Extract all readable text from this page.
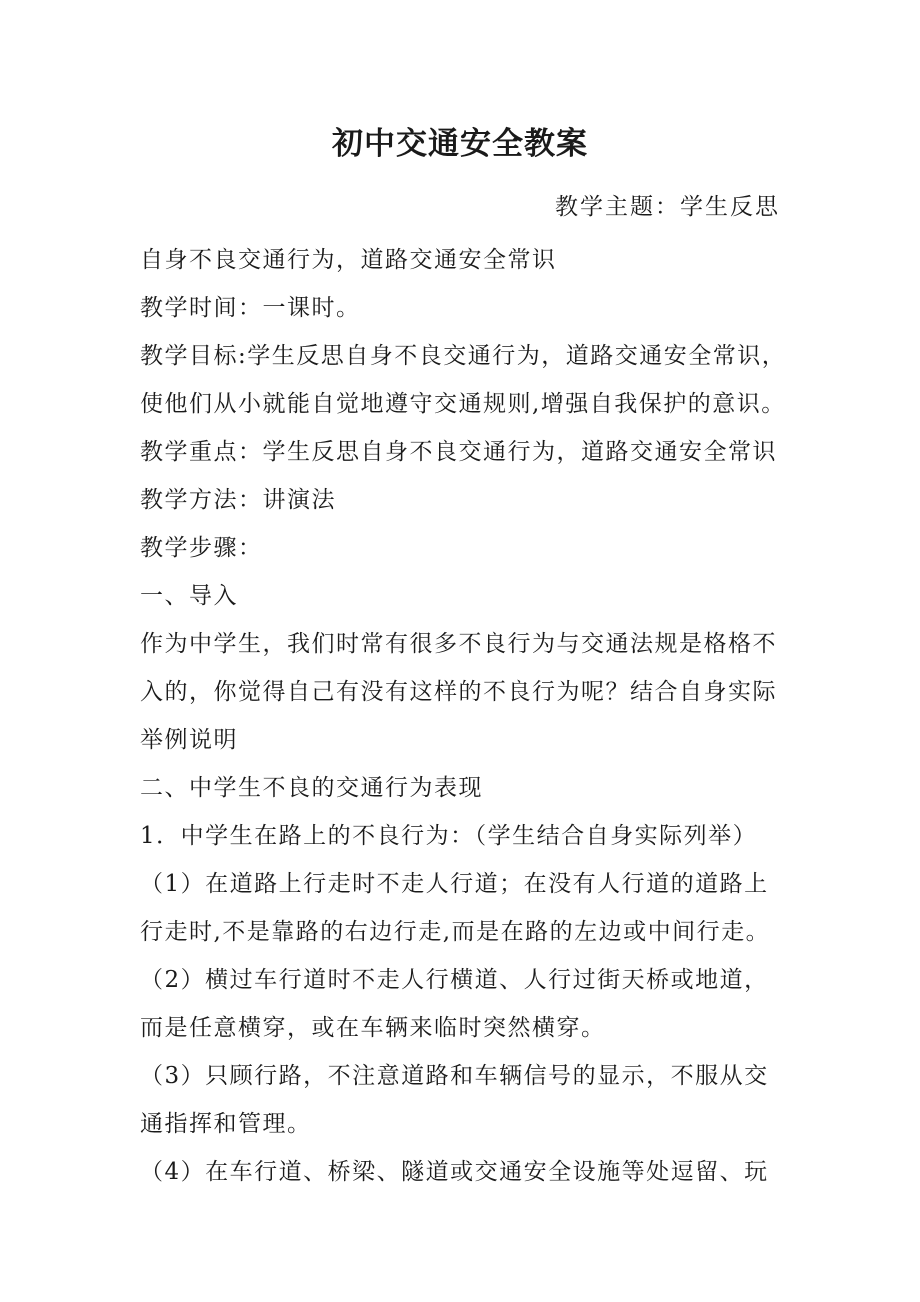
初中交通安全教案
教学主题：学生反思
自身不良交通行为，道路交通安全常识
教学时间：一课时。
教学目标:学生反思自身不良交通行为，道路交通安全常识，
使他们从小就能自觉地遵守交通规则,增强自我保护的意识。
教学重点：学生反思自身不良交通行为，道路交通安全常识
教学方法：讲演法
教学步骤：
一、导入
作为中学生，我们时常有很多不良行为与交通法规是格格不
入的，你觉得自己有没有这样的不良行为呢？结合自身实际
举例说明
二、中学生不良的交通行为表现
1．中学生在路上的不良行为：（学生结合自身实际列举）
（1）在道路上行走时不走人行道；在没有人行道的道路上
行走时,不是靠路的右边行走,而是在路的左边或中间行走。
（2）横过车行道时不走人行横道、人行过街天桥或地道，
而是任意横穿，或在车辆来临时突然横穿。
（3）只顾行路，不注意道路和车辆信号的显示，不服从交
通指挥和管理。
（4）在车行道、桥梁、隧道或交通安全设施等处逗留、玩
